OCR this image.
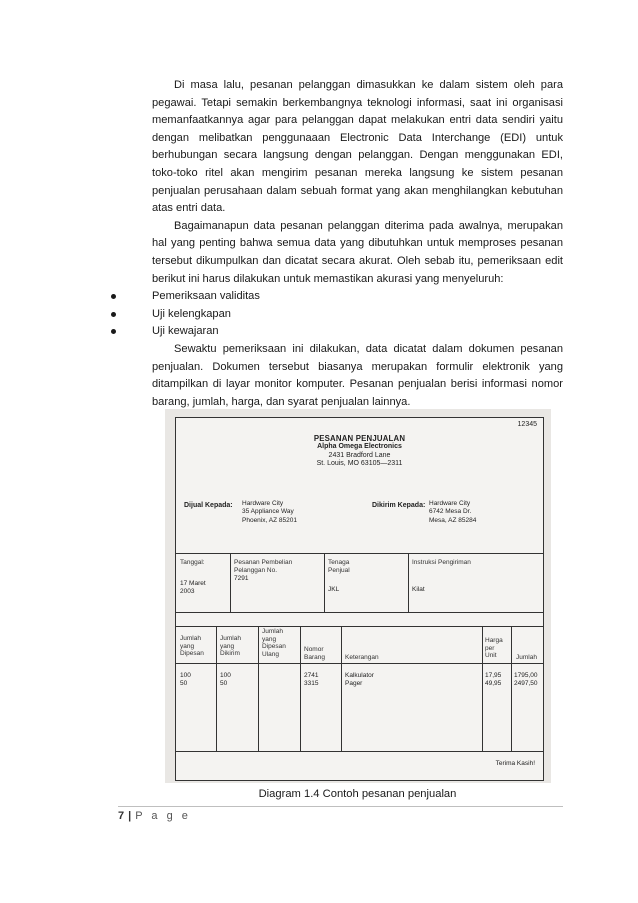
Di masa lalu, pesanan pelanggan dimasukkan ke dalam sistem oleh para pegawai. Tetapi semakin berkembangnya teknologi informasi, saat ini organisasi memanfaatkannya agar para pelanggan dapat melakukan entri data sendiri yaitu dengan melibatkan penggunaaan Electronic Data Interchange (EDI) untuk berhubungan secara langsung dengan pelanggan. Dengan menggunakan EDI, toko-toko ritel akan mengirim pesanan mereka langsung ke sistem pesanan penjualan perusahaan dalam sebuah format yang akan menghilangkan kebutuhan atas entri data.

Bagaimanapun data pesanan pelanggan diterima pada awalnya, merupakan hal yang penting bahwa semua data yang dibutuhkan untuk memproses pesanan tersebut dikumpulkan dan dicatat secara akurat. Oleh sebab itu, pemeriksaan edit berikut ini harus dilakukan untuk memastikan akurasi yang menyeluruh:

Pemeriksaan validitas
Uji kelengkapan
Uji kewajaran

Sewaktu pemeriksaan ini dilakukan, data dicatat dalam dokumen pesanan penjualan. Dokumen tersebut biasanya merupakan formulir elektronik yang ditampilkan di layar monitor komputer. Pesanan penjualan berisi informasi nomor barang, jumlah, harga, dan syarat penjualan lainnya.

12345
PESANAN PENJUALAN
Alpha Omega Electronics
2431 Bradford Lane
St. Louis, MO 63105—2311
Dijual Kepada: Hardware City
35 Appliance Way
Phoenix, AZ 85201
Dikirim Kepada: Hardware City
6742 Mesa Dr.
Mesa, AZ 85284
Tanggal:
17 Maret
2003
Pesanan Pembelian
Pelanggan No.
7291
Tenaga
Penjual
JKL
Instruksi Pengiriman
Kilat
Jumlah
yang
Dipesan
Jumlah
yang
Dikirim
Jumlah
yang
Dipesan
Ulang
Nomor
Barang	Keterangan
Harga
per
Unit	Jumlah
100
50
100
50
2741
3315
Kalkulator
Pager
17,95
49,95
1795,00
2497,50
Terima Kasih!
Diagram 1.4 Contoh pesanan penjualan
7 | P a g e
